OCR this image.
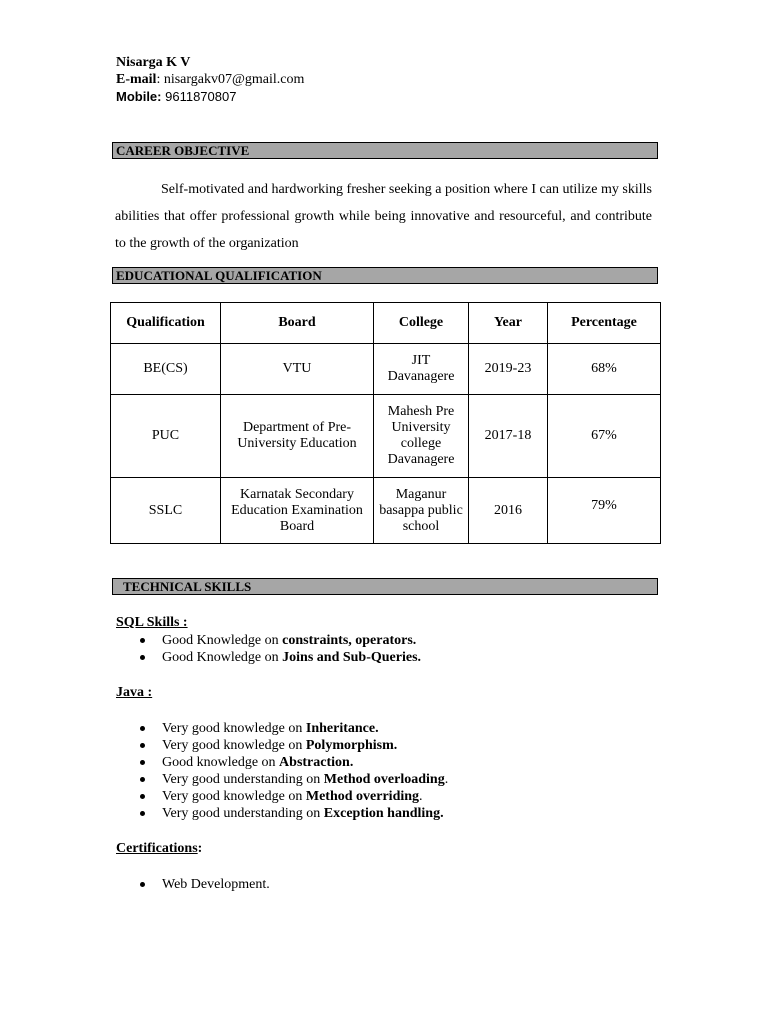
Nisarga K V
E-mail: nisargakv07@gmail.com
Mobile: 9611870807
CAREER OBJECTIVE
Self-motivated and hardworking fresher seeking a position where I can utilize my skills abilities that offer professional growth while being innovative and resourceful, and contribute to the growth of the organization
EDUCATIONAL QUALIFICATION
Qualification	Board	College	Year	Percentage
BE(CS)	VTU	JIT Davanagere	2019-23	68%
PUC	Department of Pre-University Education	Mahesh Pre University college Davanagere	2017-18	67%
SSLC	Karnatak Secondary Education Examination Board	Maganur basappa public school	2016	79%
TECHNICAL SKILLS
SQL Skills :
Good Knowledge on constraints, operators.
Good Knowledge on Joins and Sub-Queries.
Java :
Very good knowledge on Inheritance.
Very good knowledge on Polymorphism.
Good knowledge on Abstraction.
Very good understanding on Method overloading.
Very good knowledge on Method overriding.
Very good understanding on Exception handling.
Certifications:
Web Development.
